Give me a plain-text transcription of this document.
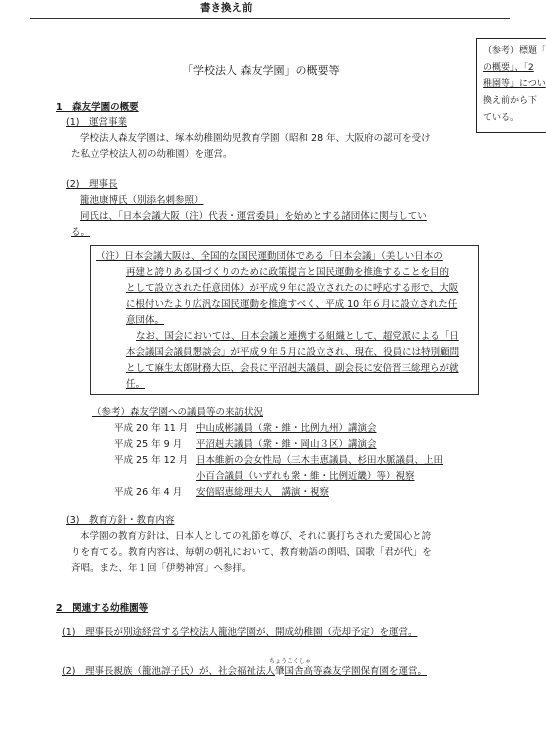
書き換え前
（参考）標題「
の概要」、「2
稚園等」につい
換え前から下
ている。
「学校法人 森友学園」の概要等
1　森友学園の概要
(1)　運営事業
学校法人森友学園は、塚本幼稚園幼児教育学園（昭和 28 年、大阪府の認可を受け
た私立学校法人初の幼稚園）を運営。
(2)　理事長
籠池康博氏（別添名刺参照）
同氏は、「日本会議大阪（注）代表・運営委員」を始めとする諸団体に関与してい
る。
（注）日本会議大阪は、全国的な国民運動団体である「日本会議」（美しい日本の
再建と誇りある国づくりのために政策提言と国民運動を推進することを目的
として設立された任意団体）が平成９年に設立されたのに呼応する形で、大阪
に根付いたより広汎な国民運動を推進すべく、平成 10 年６月に設立された任
意団体。
なお、国会においては、日本会議と連携する組織として、超党派による「日
本会議国会議員懇談会」が平成９年５月に設立され、現在、役員には特別顧問
として麻生太郎財務大臣、会長に平沼赳夫議員、副会長に安倍晋三総理らが就
任。
（参考）森友学園への議員等の来訪状況
平成 20 年 11 月 中山成彬議員（衆・維・比例九州）講演会
平成 25 年 9 月 平沼赳夫議員（衆・維・岡山３区）講演会
平成 25 年 12 月 日本維新の会女性局（三木圭恵議員、杉田水脈議員、上田
小百合議員（いずれも衆・維・比例近畿）等）視察
平成 26 年 4 月 安倍昭恵総理夫人　講演・視察
(3)　教育方針・教育内容
本学園の教育方針は、日本人としての礼節を尊び、それに裏打ちされた愛国心と誇
りを育てる。教育内容は、毎朝の朝礼において、教育勅語の朗唱、国歌「君が代」を
斉唱。また、年１回「伊勢神宮」へ参拝。
2　関連する幼稚園等
(1)　理事長が別途経営する学校法人籠池学園が、開成幼稚園（売却予定）を運営。
(2)　理事長親族（籠池諄子氏）が、社会福祉法人
ちょうこくしゃ
肇国舎高等森友学園保育園を運営。
